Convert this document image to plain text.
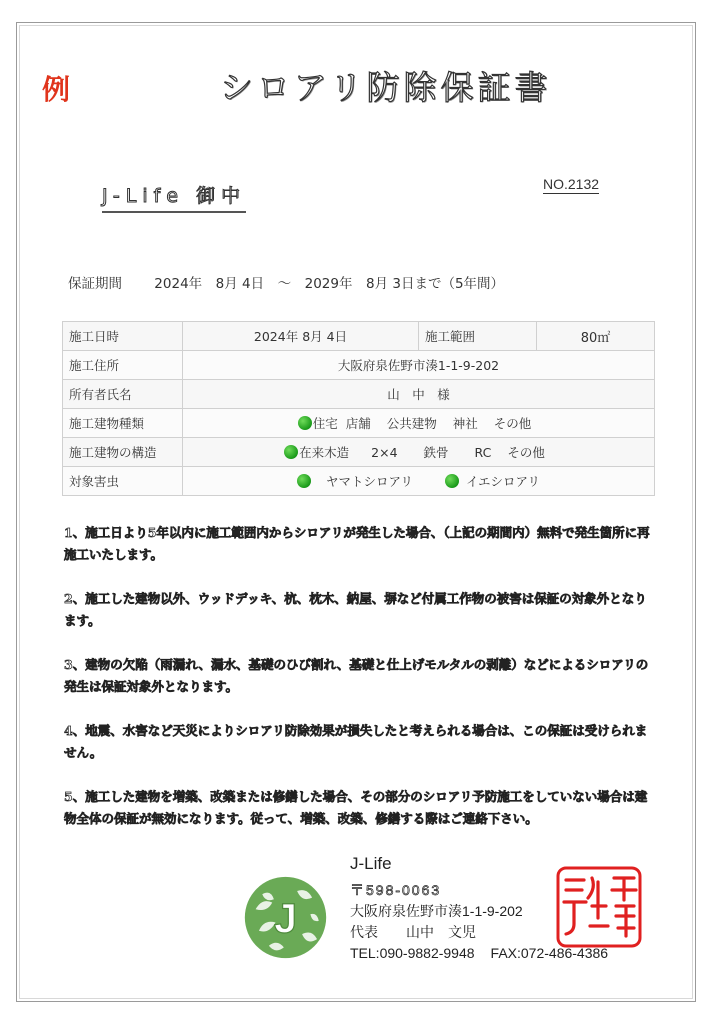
例	シロアリ防除保証書
J-Life 御中
NO.2132
保証期間 2024年　8月 4日　～　2029年　8月 3日まで（5年間）
施工日時	2024年 8月 4日	施工範囲	80㎡
施工住所	大阪府泉佐野市湊1-1-9-202		
所有者氏名	山　中　様		
施工建物種類	住宅 店舗 公共建物 神社 その他		
施工建物の構造	在来木造 2×4 鉄骨 RC その他		
対象害虫	ヤマトシロアリ イエシロアリ		

1、施工日より5年以内に施工範囲内からシロアリが発生した場合、（上記の期間内）無料で発生箇所に再施工いたします。

2、施工した建物以外、ウッドデッキ、杭、枕木、納屋、塀など付属工作物の被害は保証の対象外となります。

3、建物の欠陥（雨漏れ、漏水、基礎のひび割れ、基礎と仕上げモルタルの剥離）などによるシロアリの発生は保証対象外となります。

4、地震、水害など天災によりシロアリ防除効果が損失したと考えられる場合は、この保証は受けられません。

5、施工した建物を増築、改築または修繕した場合、その部分のシロアリ予防施工をしていない場合は建物全体の保証が無効になります。従って、増築、改築、修繕する際はご連絡下さい。

J
J-Life
〒598-0063
大阪府泉佐野市湊1-1-9-202
代表　　山中　文児
TEL:090-9882-9948 FAX:072-486-4386
